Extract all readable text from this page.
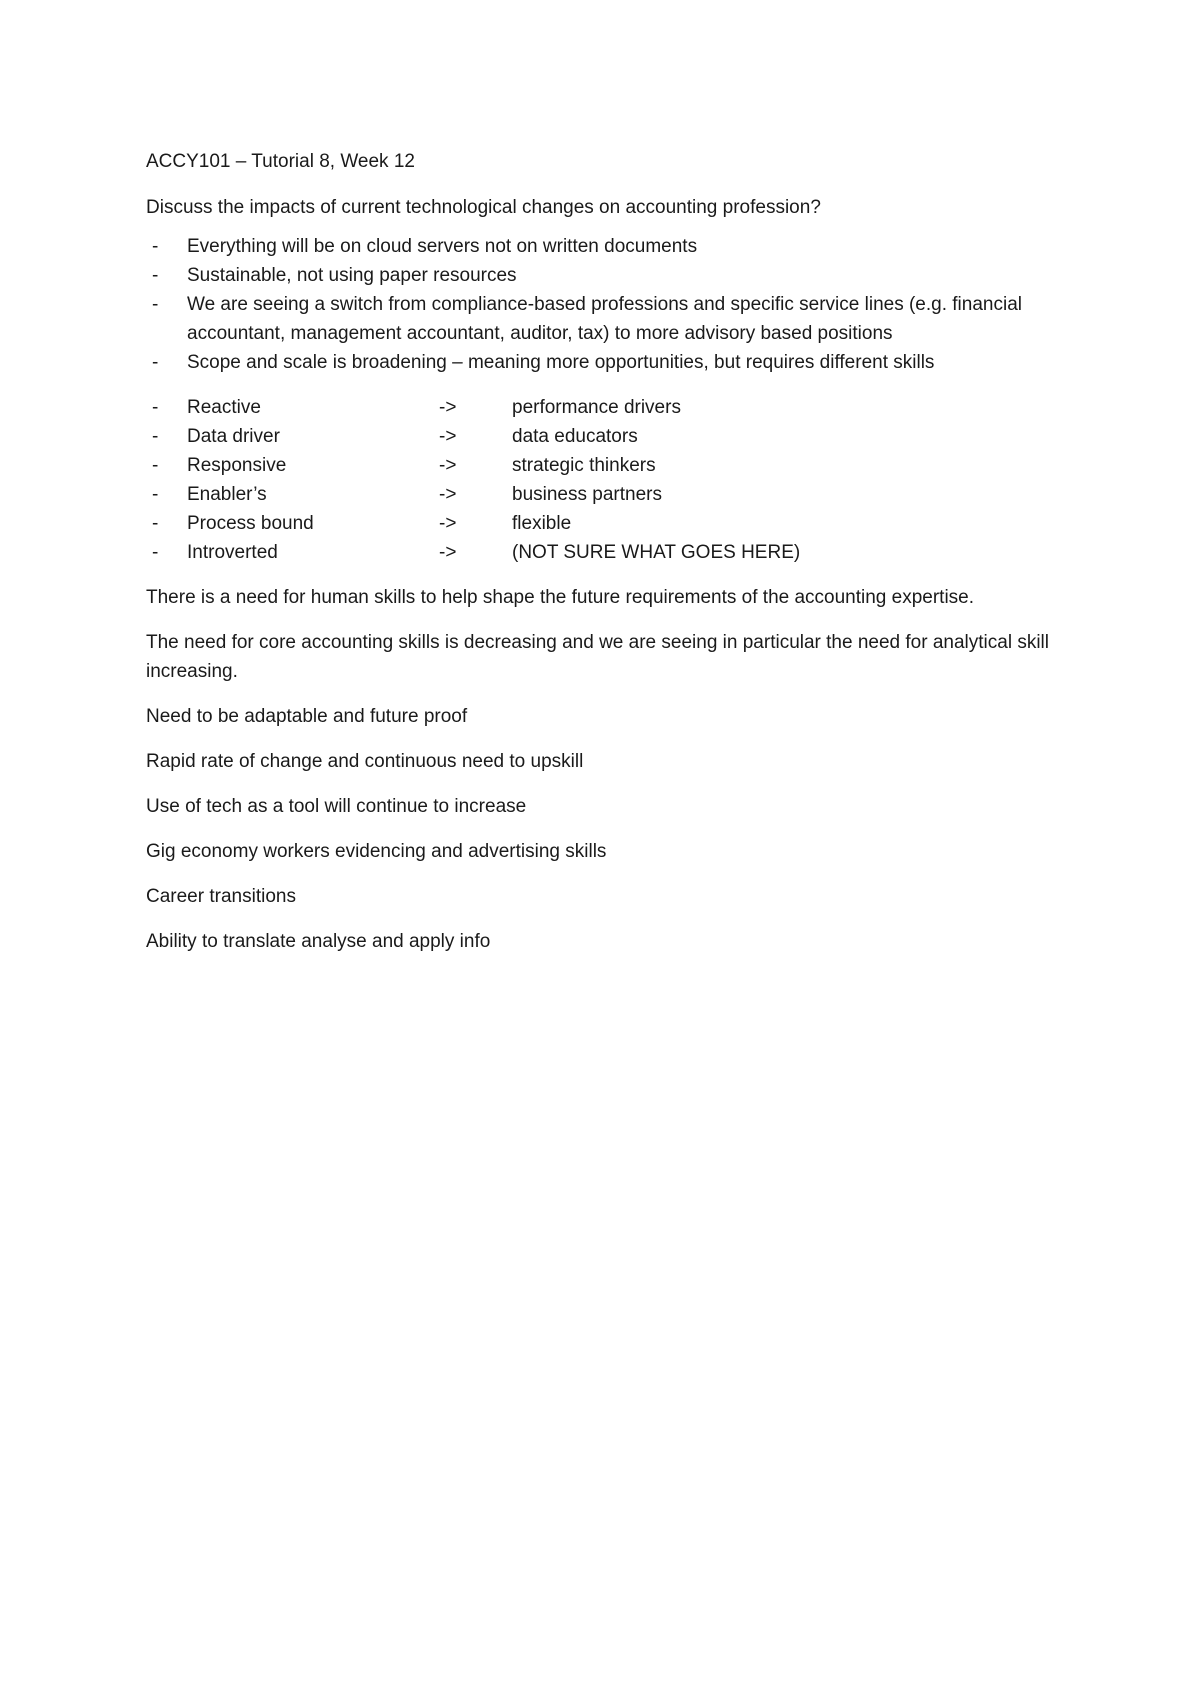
ACCY101 – Tutorial 8, Week 12

Discuss the impacts of current technological changes on accounting profession?

- Everything will be on cloud servers not on written documents
- Sustainable, not using paper resources
- We are seeing a switch from compliance-based professions and specific service lines (e.g. financial accountant, management accountant, auditor, tax) to more advisory based positions
- Scope and scale is broadening – meaning more opportunities, but requires different skills
- Reactive	->	performance drivers
- Data driver	->	data educators
- Responsive	->	strategic thinkers
- Enabler’s	->	business partners
- Process bound	->	flexible
- Introverted	->	(NOT SURE WHAT GOES HERE)

There is a need for human skills to help shape the future requirements of the accounting expertise.

The need for core accounting skills is decreasing and we are seeing in particular the need for analytical skill increasing.

Need to be adaptable and future proof

Rapid rate of change and continuous need to upskill

Use of tech as a tool will continue to increase

Gig economy workers evidencing and advertising skills

Career transitions

Ability to translate analyse and apply info
